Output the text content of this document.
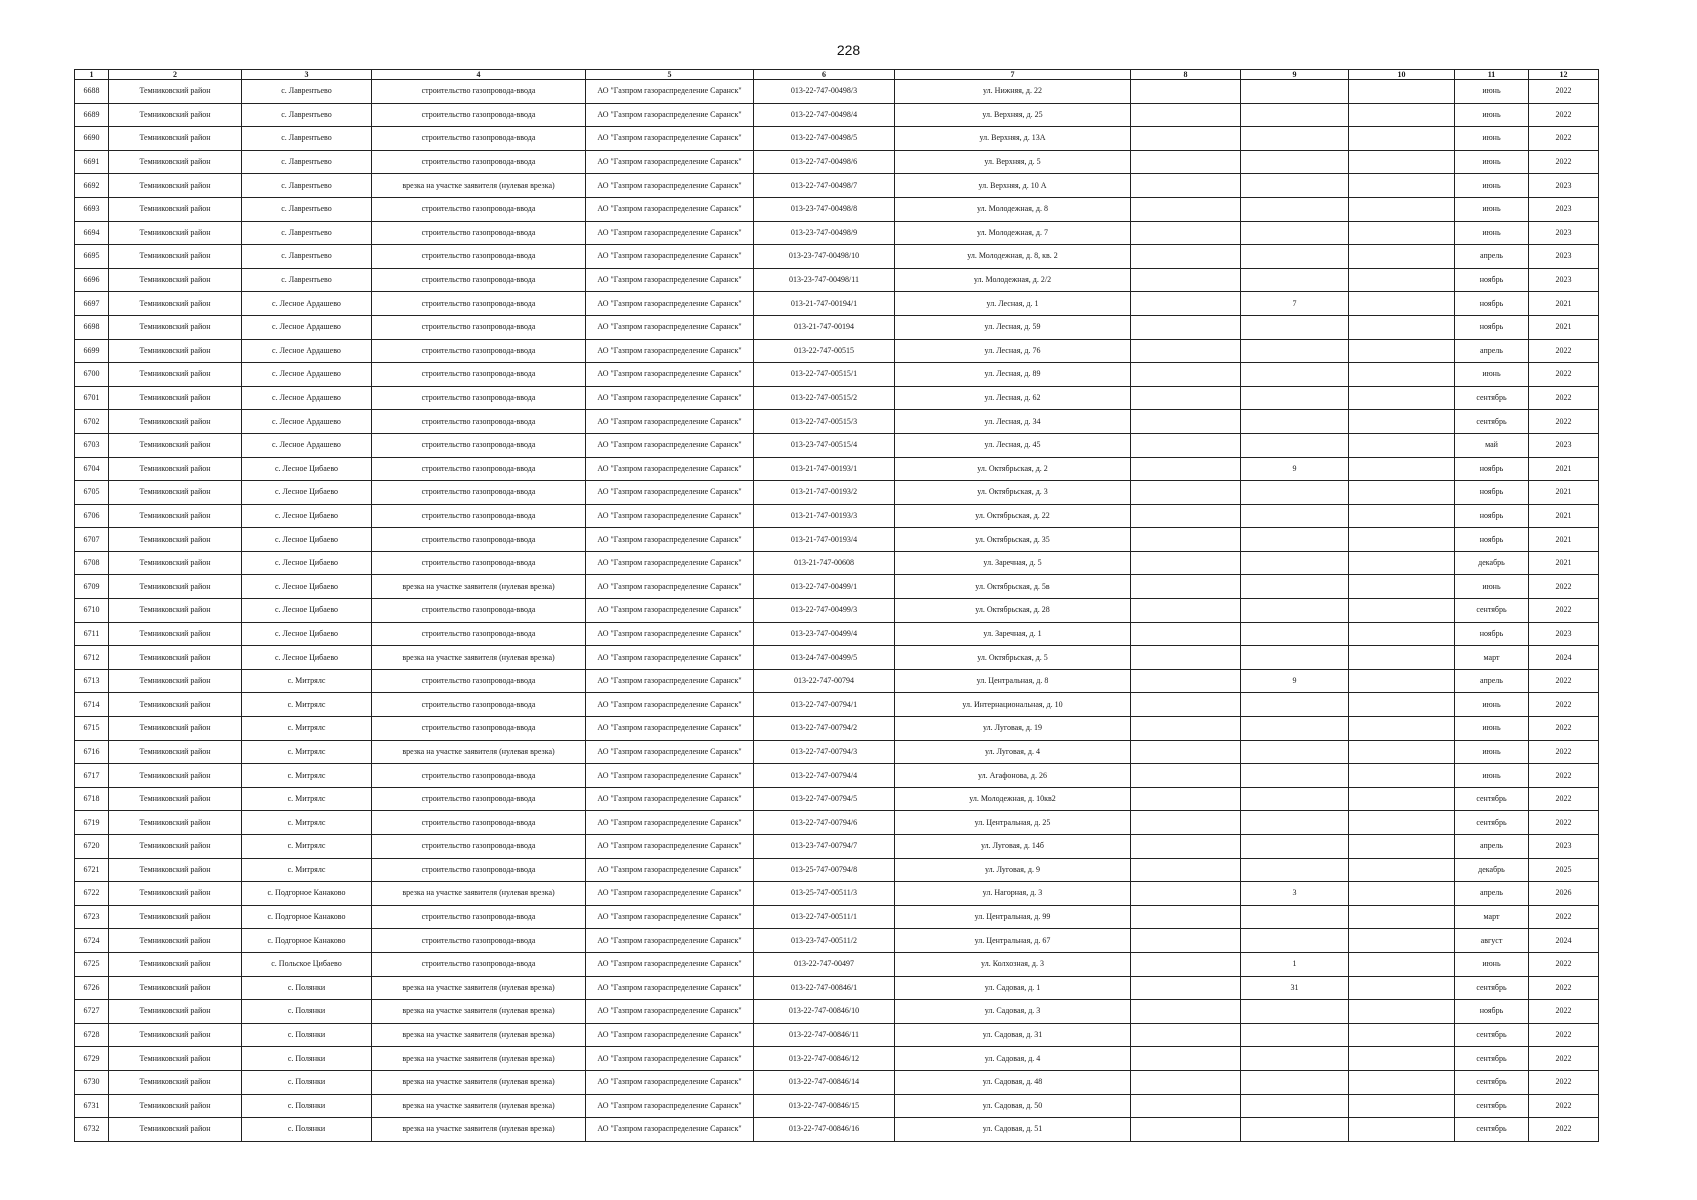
228
1	2	3	4	5	6	7	8	9	10	11	12
6688	Темниковский район	с. Лаврентьево	строительство газопровода-ввода	АО "Газпром газораспределение Саранск"	013-22-747-00498/3	ул. Нижняя, д. 22				июнь	2022
6689	Темниковский район	с. Лаврентьево	строительство газопровода-ввода	АО "Газпром газораспределение Саранск"	013-22-747-00498/4	ул. Верхняя, д. 25				июнь	2022
6690	Темниковский район	с. Лаврентьево	строительство газопровода-ввода	АО "Газпром газораспределение Саранск"	013-22-747-00498/5	ул. Верхняя, д. 13А				июнь	2022
6691	Темниковский район	с. Лаврентьево	строительство газопровода-ввода	АО "Газпром газораспределение Саранск"	013-22-747-00498/6	ул. Верхняя, д. 5				июнь	2022
6692	Темниковский район	с. Лаврентьево	врезка на участке заявителя (нулевая врезка)	АО "Газпром газораспределение Саранск"	013-22-747-00498/7	ул. Верхняя, д. 10 А				июнь	2023
6693	Темниковский район	с. Лаврентьево	строительство газопровода-ввода	АО "Газпром газораспределение Саранск"	013-23-747-00498/8	ул. Молодежная, д. 8				июнь	2023
6694	Темниковский район	с. Лаврентьево	строительство газопровода-ввода	АО "Газпром газораспределение Саранск"	013-23-747-00498/9	ул. Молодежная, д. 7				июнь	2023
6695	Темниковский район	с. Лаврентьево	строительство газопровода-ввода	АО "Газпром газораспределение Саранск"	013-23-747-00498/10	ул. Молодежная, д. 8, кв. 2				апрель	2023
6696	Темниковский район	с. Лаврентьево	строительство газопровода-ввода	АО "Газпром газораспределение Саранск"	013-23-747-00498/11	ул. Молодежная, д. 2/2				ноябрь	2023
6697	Темниковский район	с. Лесное Ардашево	строительство газопровода-ввода	АО "Газпром газораспределение Саранск"	013-21-747-00194/1	ул. Лесная, д. 1		7		ноябрь	2021
6698	Темниковский район	с. Лесное Ардашево	строительство газопровода-ввода	АО "Газпром газораспределение Саранск"	013-21-747-00194	ул. Лесная, д. 59				ноябрь	2021
6699	Темниковский район	с. Лесное Ардашево	строительство газопровода-ввода	АО "Газпром газораспределение Саранск"	013-22-747-00515	ул. Лесная, д. 76				апрель	2022
6700	Темниковский район	с. Лесное Ардашево	строительство газопровода-ввода	АО "Газпром газораспределение Саранск"	013-22-747-00515/1	ул. Лесная, д. 89				июнь	2022
6701	Темниковский район	с. Лесное Ардашево	строительство газопровода-ввода	АО "Газпром газораспределение Саранск"	013-22-747-00515/2	ул. Лесная, д. 62				сентябрь	2022
6702	Темниковский район	с. Лесное Ардашево	строительство газопровода-ввода	АО "Газпром газораспределение Саранск"	013-22-747-00515/3	ул. Лесная, д. 34				сентябрь	2022
6703	Темниковский район	с. Лесное Ардашево	строительство газопровода-ввода	АО "Газпром газораспределение Саранск"	013-23-747-00515/4	ул. Лесная, д. 45				май	2023
6704	Темниковский район	с. Лесное Цибаево	строительство газопровода-ввода	АО "Газпром газораспределение Саранск"	013-21-747-00193/1	ул. Октябрьская, д. 2		9		ноябрь	2021
6705	Темниковский район	с. Лесное Цибаево	строительство газопровода-ввода	АО "Газпром газораспределение Саранск"	013-21-747-00193/2	ул. Октябрьская, д. 3				ноябрь	2021
6706	Темниковский район	с. Лесное Цибаево	строительство газопровода-ввода	АО "Газпром газораспределение Саранск"	013-21-747-00193/3	ул. Октябрьская, д. 22				ноябрь	2021
6707	Темниковский район	с. Лесное Цибаево	строительство газопровода-ввода	АО "Газпром газораспределение Саранск"	013-21-747-00193/4	ул. Октябрьская, д. 35				ноябрь	2021
6708	Темниковский район	с. Лесное Цибаево	строительство газопровода-ввода	АО "Газпром газораспределение Саранск"	013-21-747-00608	ул. Заречная, д. 5				декабрь	2021
6709	Темниковский район	с. Лесное Цибаево	врезка на участке заявителя (нулевая врезка)	АО "Газпром газораспределение Саранск"	013-22-747-00499/1	ул. Октябрьская, д. 5в				июнь	2022
6710	Темниковский район	с. Лесное Цибаево	строительство газопровода-ввода	АО "Газпром газораспределение Саранск"	013-22-747-00499/3	ул. Октябрьская, д. 28				сентябрь	2022
6711	Темниковский район	с. Лесное Цибаево	строительство газопровода-ввода	АО "Газпром газораспределение Саранск"	013-23-747-00499/4	ул. Заречная, д. 1				ноябрь	2023
6712	Темниковский район	с. Лесное Цибаево	врезка на участке заявителя (нулевая врезка)	АО "Газпром газораспределение Саранск"	013-24-747-00499/5	ул. Октябрьская, д. 5				март	2024
6713	Темниковский район	с. Митрялс	строительство газопровода-ввода	АО "Газпром газораспределение Саранск"	013-22-747-00794	ул. Центральная, д. 8		9		апрель	2022
6714	Темниковский район	с. Митрялс	строительство газопровода-ввода	АО "Газпром газораспределение Саранск"	013-22-747-00794/1	ул. Интернациональная, д. 10				июнь	2022
6715	Темниковский район	с. Митрялс	строительство газопровода-ввода	АО "Газпром газораспределение Саранск"	013-22-747-00794/2	ул. Луговая, д. 19				июнь	2022
6716	Темниковский район	с. Митрялс	врезка на участке заявителя (нулевая врезка)	АО "Газпром газораспределение Саранск"	013-22-747-00794/3	ул. Луговая, д. 4				июнь	2022
6717	Темниковский район	с. Митрялс	строительство газопровода-ввода	АО "Газпром газораспределение Саранск"	013-22-747-00794/4	ул. Агафонова, д. 26				июнь	2022
6718	Темниковский район	с. Митрялс	строительство газопровода-ввода	АО "Газпром газораспределение Саранск"	013-22-747-00794/5	ул. Молодежная, д. 10кв2				сентябрь	2022
6719	Темниковский район	с. Митрялс	строительство газопровода-ввода	АО "Газпром газораспределение Саранск"	013-22-747-00794/6	ул. Центральная, д. 25				сентябрь	2022
6720	Темниковский район	с. Митрялс	строительство газопровода-ввода	АО "Газпром газораспределение Саранск"	013-23-747-00794/7	ул. Луговая, д. 14б				апрель	2023
6721	Темниковский район	с. Митрялс	строительство газопровода-ввода	АО "Газпром газораспределение Саранск"	013-25-747-00794/8	ул. Луговая, д. 9				декабрь	2025
6722	Темниковский район	с. Подгорное Канаково	врезка на участке заявителя (нулевая врезка)	АО "Газпром газораспределение Саранск"	013-25-747-00511/3	ул. Нагорная, д. 3		3		апрель	2026
6723	Темниковский район	с. Подгорное Канаково	строительство газопровода-ввода	АО "Газпром газораспределение Саранск"	013-22-747-00511/1	ул. Центральная, д. 99				март	2022
6724	Темниковский район	с. Подгорное Канаково	строительство газопровода-ввода	АО "Газпром газораспределение Саранск"	013-23-747-00511/2	ул. Центральная, д. 67				август	2024
6725	Темниковский район	с. Польское Цибаево	строительство газопровода-ввода	АО "Газпром газораспределение Саранск"	013-22-747-00497	ул. Колхозная, д. 3		1		июнь	2022
6726	Темниковский район	с. Полянки	врезка на участке заявителя (нулевая врезка)	АО "Газпром газораспределение Саранск"	013-22-747-00846/1	ул. Садовая, д. 1		31		сентябрь	2022
6727	Темниковский район	с. Полянки	врезка на участке заявителя (нулевая врезка)	АО "Газпром газораспределение Саранск"	013-22-747-00846/10	ул. Садовая, д. 3				ноябрь	2022
6728	Темниковский район	с. Полянки	врезка на участке заявителя (нулевая врезка)	АО "Газпром газораспределение Саранск"	013-22-747-00846/11	ул. Садовая, д. 31				сентябрь	2022
6729	Темниковский район	с. Полянки	врезка на участке заявителя (нулевая врезка)	АО "Газпром газораспределение Саранск"	013-22-747-00846/12	ул. Садовая, д. 4				сентябрь	2022
6730	Темниковский район	с. Полянки	врезка на участке заявителя (нулевая врезка)	АО "Газпром газораспределение Саранск"	013-22-747-00846/14	ул. Садовая, д. 48				сентябрь	2022
6731	Темниковский район	с. Полянки	врезка на участке заявителя (нулевая врезка)	АО "Газпром газораспределение Саранск"	013-22-747-00846/15	ул. Садовая, д. 50				сентябрь	2022
6732	Темниковский район	с. Полянки	врезка на участке заявителя (нулевая врезка)	АО "Газпром газораспределение Саранск"	013-22-747-00846/16	ул. Садовая, д. 51				сентябрь	2022
